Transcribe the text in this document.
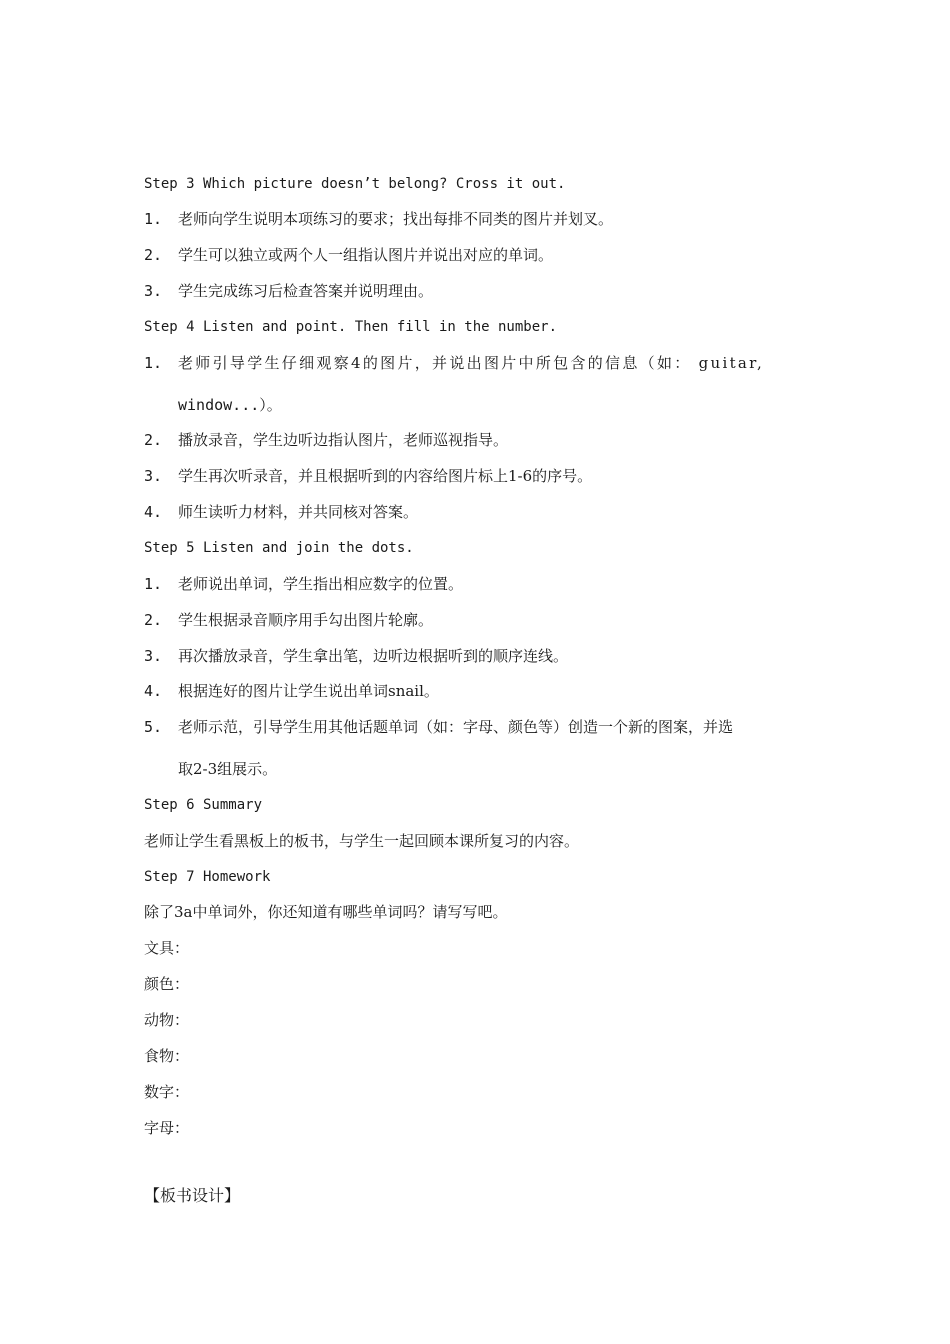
Step 3 Which picture doesn’t belong? Cross it out.
1. 老师向学生说明本项练习的要求；找出每排不同类的图片并划叉。
2. 学生可以独立或两个人一组指认图片并说出对应的单词。
3. 学生完成练习后检查答案并说明理由。
Step 4 Listen and point. Then fill in the number.
1. 老师引导学生仔细观察4的图片，并说出图片中所包含的信息（如： guitar,
window...）。
2. 播放录音，学生边听边指认图片，老师巡视指导。
3. 学生再次听录音，并且根据听到的内容给图片标上1-6的序号。
4. 师生读听力材料，并共同核对答案。
Step 5 Listen and join the dots.
1. 老师说出单词，学生指出相应数字的位置。
2. 学生根据录音顺序用手勾出图片轮廓。
3. 再次播放录音，学生拿出笔，边听边根据听到的顺序连线。
4. 根据连好的图片让学生说出单词snail。
5. 老师示范，引导学生用其他话题单词（如：字母、颜色等）创造一个新的图案，并选
取2-3组展示。
Step 6 Summary
老师让学生看黑板上的板书，与学生一起回顾本课所复习的内容。
Step 7 Homework
除了3a中单词外，你还知道有哪些单词吗？请写写吧。
文具：
颜色：
动物：
食物：
数字：
字母：
【板书设计】
